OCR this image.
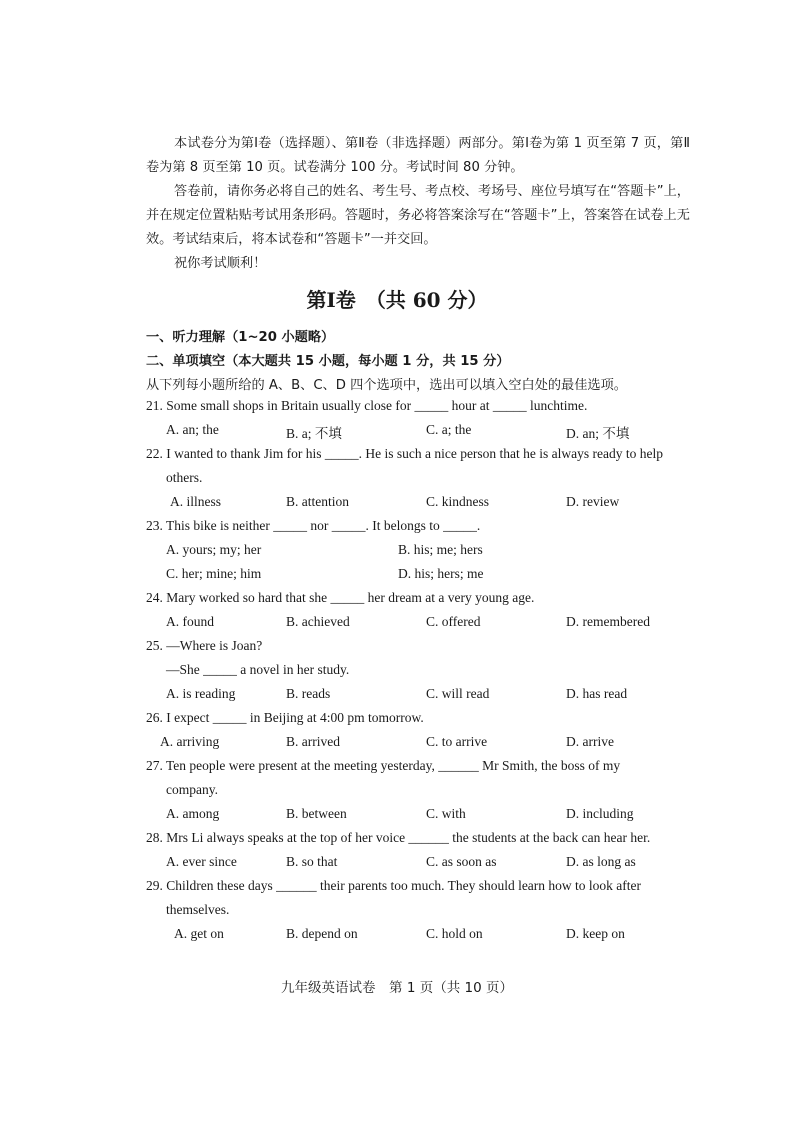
本试卷分为第Ⅰ卷（选择题）、第Ⅱ卷（非选择题）两部分。第Ⅰ卷为第 1 页至第 7 页，第Ⅱ卷为第 8 页至第 10 页。试卷满分 100 分。考试时间 80 分钟。

答卷前，请你务必将自己的姓名、考生号、考点校、考场号、座位号填写在“答题卡”上，并在规定位置粘贴考试用条形码。答题时，务必将答案涂写在“答题卡”上，答案答在试卷上无效。考试结束后，将本试卷和“答题卡”一并交回。

祝你考试顺利！

第Ⅰ卷　（共 60 分）
一、听力理解（1~20 小题略）
二、单项填空（本大题共 15 小题，每小题 1 分，共 15 分）
从下列每小题所给的 A、B、C、D 四个选项中，选出可以填入空白处的最佳选项。
21. Some small shops in Britain usually close for _____ hour at _____ lunchtime.
A. an; the	B. a; 不填	C. a; the	D. an; 不填
22. I wanted to thank Jim for his _____. He is such a nice person that he is always ready to help
others.
A. illness	B. attention	C. kindness	D. review
23. This bike is neither _____ nor _____. It belongs to _____.
A. yours; my; her	B. his; me; hers
C. her; mine; him	D. his; hers; me
24. Mary worked so hard that she _____ her dream at a very young age.
A. found	B. achieved	C. offered	D. remembered
25. —Where is Joan?
—She _____ a novel in her study.
A. is reading	B. reads	C. will read	D. has read
26. I expect _____ in Beijing at 4:00 pm tomorrow.
A. arriving	B. arrived	C. to arrive	D. arrive
27. Ten people were present at the meeting yesterday, ______ Mr Smith, the boss of my
company.
A. among	B. between	C. with	D. including
28. Mrs Li always speaks at the top of her voice ______ the students at the back can hear her.
A. ever since	B. so that	C. as soon as	D. as long as
29. Children these days ______ their parents too much. They should learn how to look after
themselves.
A. get on	B. depend on	C. hold on	D. keep on
九年级英语试卷　第 1 页（共 10 页）
